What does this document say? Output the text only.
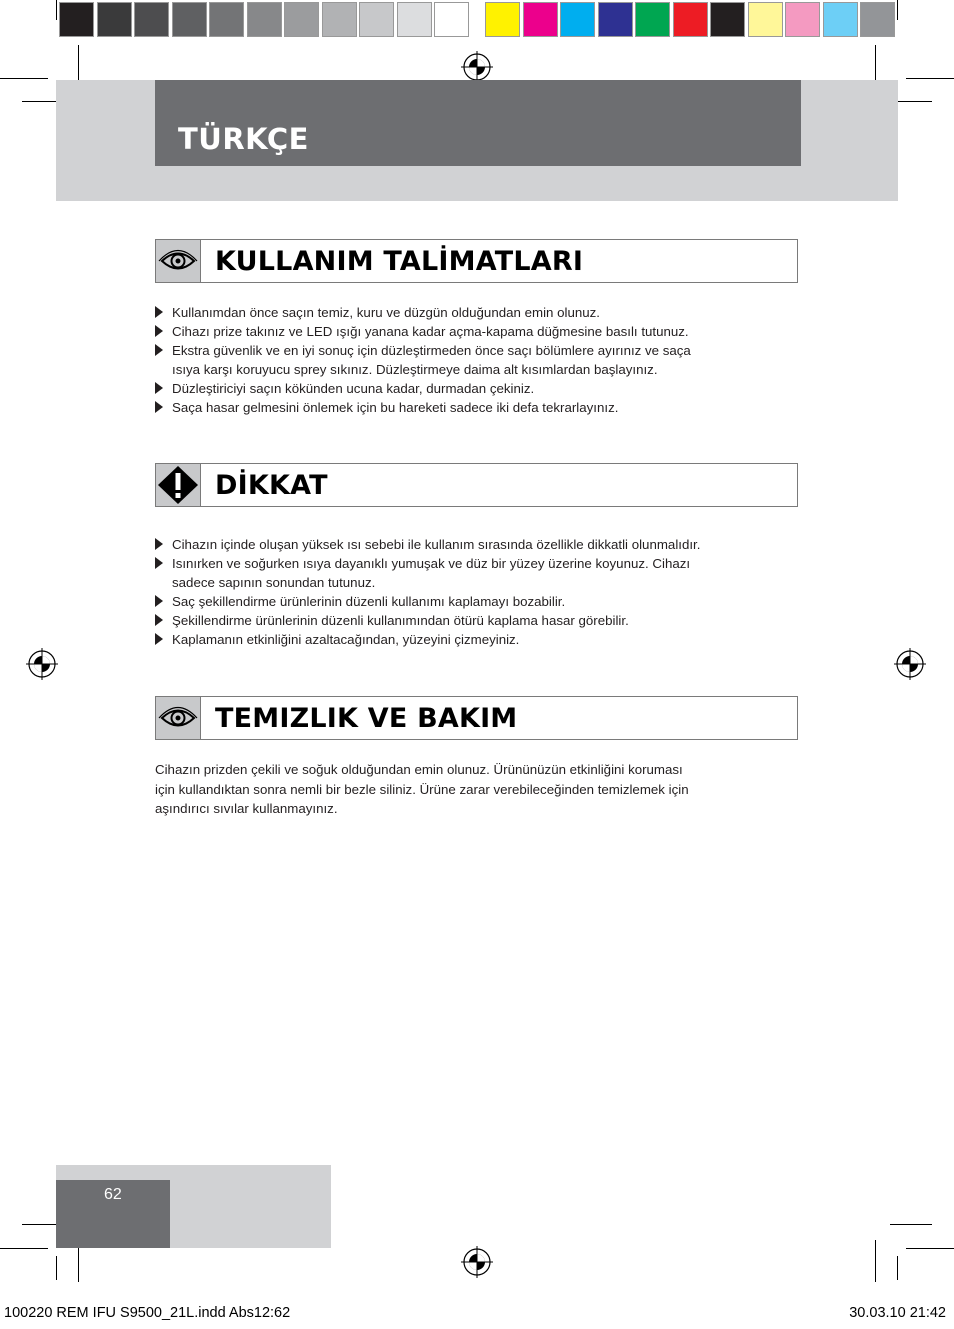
TÜRKÇE
KULLANIM TALİMATLARI
Kullanımdan önce saçın temiz, kuru ve düzgün olduğundan emin olunuz.
Cihazı prize takınız ve LED ışığı yanana kadar açma-kapama düğmesine basılı tutunuz.
Ekstra güvenlik ve en iyi sonuç için düzleştirmeden önce saçı bölümlere ayırınız ve saça
ısıya karşı koruyucu sprey sıkınız. Düzleştirmeye daima alt kısımlardan başlayınız.
Düzleştiriciyi saçın kökünden ucuna kadar, durmadan çekiniz.
Saça hasar gelmesini önlemek için bu hareketi sadece iki defa tekrarlayınız.
DİKKAT
Cihazın içinde oluşan yüksek ısı sebebi ile kullanım sırasında özellikle dikkatli olunmalıdır.
Isınırken ve soğurken ısıya dayanıklı yumuşak ve düz bir yüzey üzerine koyunuz. Cihazı
sadece sapının sonundan tutunuz.
Saç şekillendirme ürünlerinin düzenli kullanımı kaplamayı bozabilir.
Şekillendirme ürünlerinin düzenli kullanımından ötürü kaplama hasar görebilir.
Kaplamanın etkinliğini azaltacağından, yüzeyini çizmeyiniz.
TEMIZLIK VE BAKIM
Cihazın prizden çekili ve soğuk olduğundan emin olunuz. Ürününüzün etkinliğini koruması
için kullandıktan sonra nemli bir bezle siliniz. Ürüne zarar verebileceğinden temizlemek için
aşındırıcı sıvılar kullanmayınız.
62
100220 REM IFU S9500_21L.indd Abs12:62	30.03.10 21:42
